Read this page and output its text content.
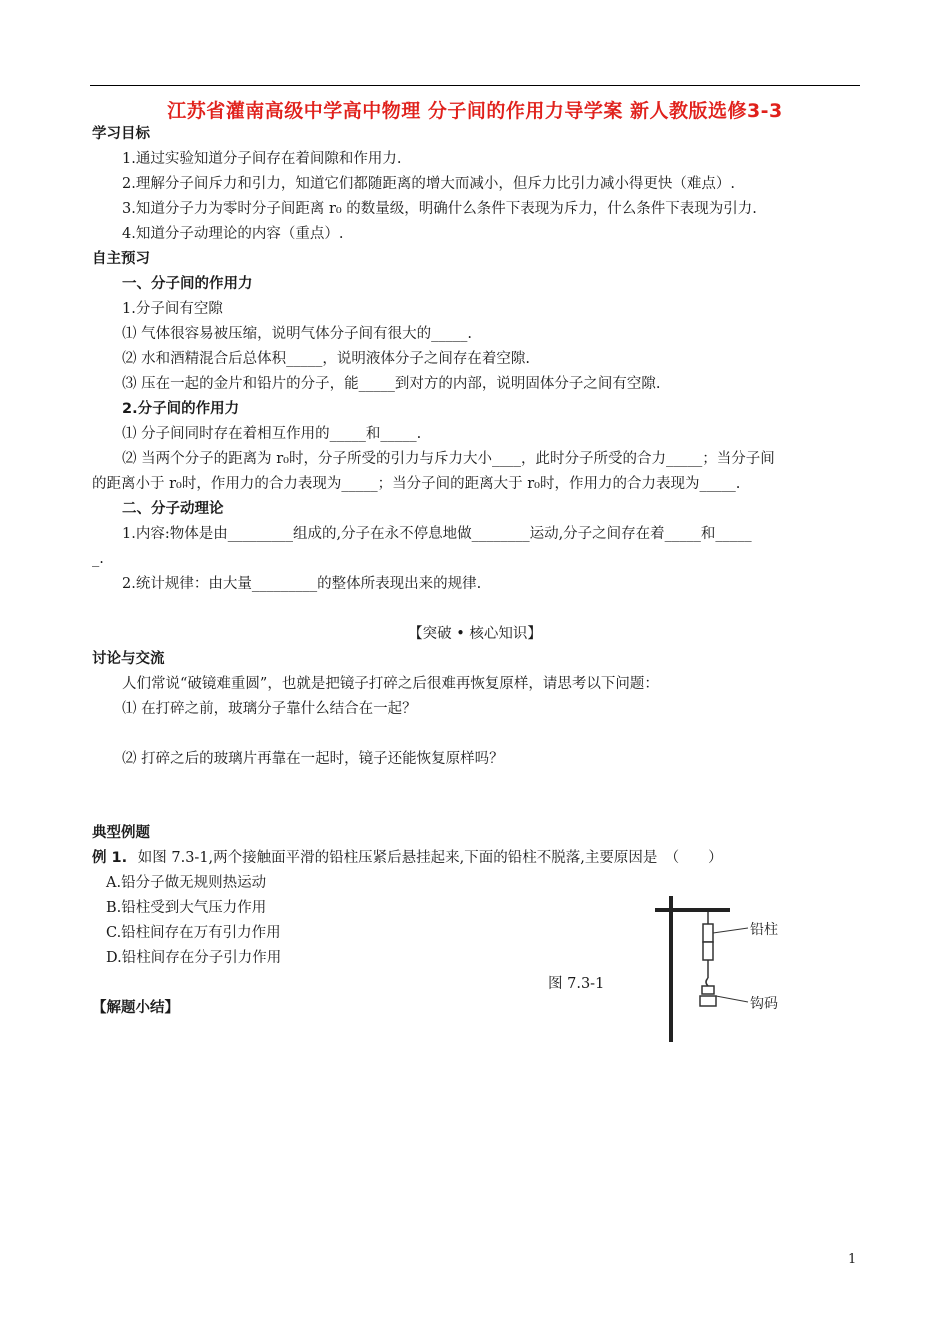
江苏省灌南高级中学高中物理 分子间的作用力导学案 新人教版选修3-3
学习目标
1.通过实验知道分子间存在着间隙和作用力.
2.理解分子间斥力和引力，知道它们都随距离的增大而减小，但斥力比引力减小得更快（难点）.
3.知道分子力为零时分子间距离 r₀ 的数量级，明确什么条件下表现为斥力，什么条件下表现为引力.
4.知道分子动理论的内容（重点）.
自主预习
一、分子间的作用力
1.分子间有空隙
⑴ 气体很容易被压缩，说明气体分子间有很大的_____.
⑵ 水和酒精混合后总体积_____，说明液体分子之间存在着空隙.
⑶ 压在一起的金片和铅片的分子，能_____到对方的内部，说明固体分子之间有空隙.
2.分子间的作用力
⑴ 分子间同时存在着相互作用的_____和_____.
⑵ 当两个分子的距离为 r₀时，分子所受的引力与斥力大小____，此时分子所受的合力_____；当分子间
的距离小于 r₀时，作用力的合力表现为_____；当分子间的距离大于 r₀时，作用力的合力表现为_____.
二、分子动理论
1.内容:物体是由_________组成的,分子在永不停息地做________运动,分子之间存在着_____和_____
_.
2.统计规律：由大量_________的整体所表现出来的规律.
【突破 • 核心知识】
讨论与交流
人们常说“破镜难重圆”，也就是把镜子打碎之后很难再恢复原样，请思考以下问题：
⑴ 在打碎之前，玻璃分子靠什么结合在一起？
⑵ 打碎之后的玻璃片再靠在一起时，镜子还能恢复原样吗？
典型例题
例 1. 如图 7.3-1,两个接触面平滑的铅柱压紧后悬挂起来,下面的铅柱不脱落,主要原因是　（　　）
A.铅分子做无规则热运动
B.铅柱受到大气压力作用
C.铅柱间存在万有引力作用
D.铅柱间存在分子引力作用
图 7.3-1
铅柱
钩码
【解题小结】
1
